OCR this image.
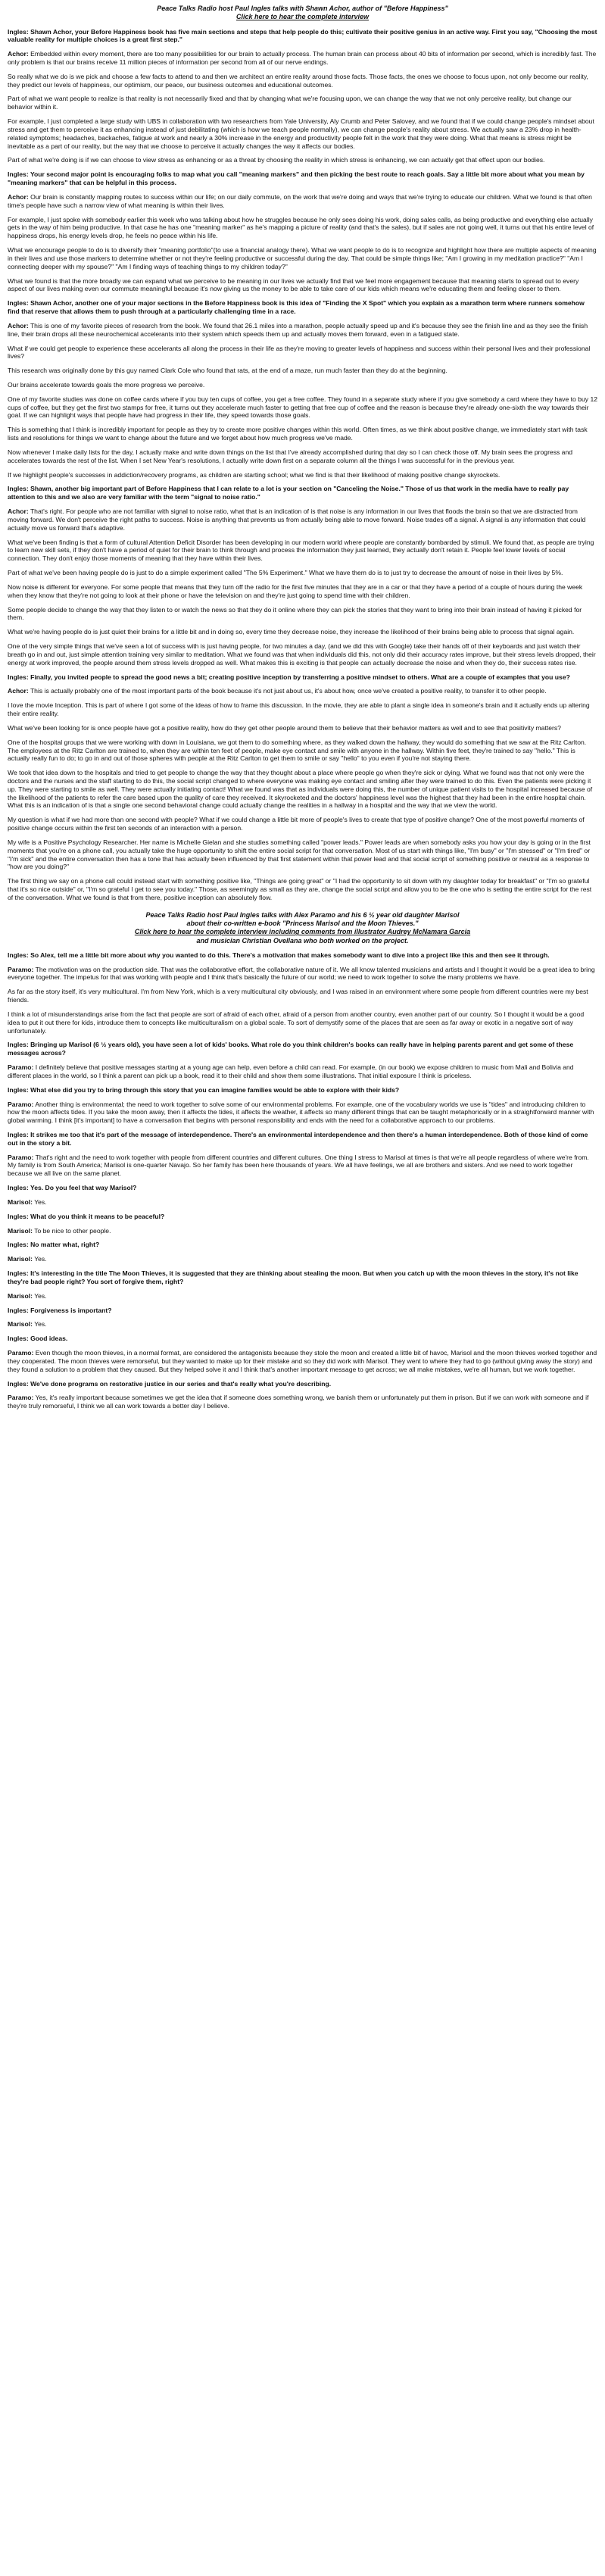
Peace Talks Radio host Paul Ingles talks with Shawn Achor, author of "Before Happiness"
Click here to hear the complete interview

Ingles: Shawn Achor, your Before Happiness book has five main sections and steps that help people do this; cultivate their positive genius in an active way. First you say, "Choosing the most valuable reality for multiple choices is a great first step."

Achor: Embedded within every moment, there are too many possibilities for our brain to actually process. The human brain can process about 40 bits of information per second, which is incredibly fast. The only problem is that our brains receive 11 million pieces of information per second from all of our nerve endings.

So really what we do is we pick and choose a few facts to attend to and then we architect an entire reality around those facts. Those facts, the ones we choose to focus upon, not only become our reality, they predict our levels of happiness, our optimism, our peace, our business outcomes and educational outcomes.

Part of what we want people to realize is that reality is not necessarily fixed and that by changing what we're focusing upon, we can change the way that we not only perceive reality, but change our behavior within it.

For example, I just completed a large study with UBS in collaboration with two researchers from Yale University, Aly Crumb and Peter Salovey, and we found that if we could change people's mindset about stress and get them to perceive it as enhancing instead of just debilitating (which is how we teach people normally), we can change people's reality about stress. We actually saw a 23% drop in health-related symptoms; headaches, backaches, fatigue at work and nearly a 30% increase in the energy and productivity people felt in the work that they were doing. What that means is stress might be inevitable as a part of our reality, but the way that we choose to perceive it actually changes the way it affects our bodies.

Part of what we're doing is if we can choose to view stress as enhancing or as a threat by choosing the reality in which stress is enhancing, we can actually get that effect upon our bodies.

Ingles: Your second major point is encouraging folks to map what you call "meaning markers" and then picking the best route to reach goals. Say a little bit more about what you mean by "meaning markers" that can be helpful in this process.

Achor: Our brain is constantly mapping routes to success within our life; on our daily commute, on the work that we're doing and ways that we're trying to educate our children. What we found is that often time's people have such a narrow view of what meaning is within their lives.

For example, I just spoke with somebody earlier this week who was talking about how he struggles because he only sees doing his work, doing sales calls, as being productive and everything else actually gets in the way of him being productive. In that case he has one "meaning marker" as he's mapping a picture of reality (and that's the sales), but if sales are not going well, it turns out that his entire level of happiness drops, his energy levels drop, he feels no peace within his life.

What we encourage people to do is to diversify their "meaning portfolio"(to use a financial analogy there). What we want people to do is to recognize and highlight how there are multiple aspects of meaning in their lives and use those markers to determine whether or not they're feeling productive or successful during the day. That could be simple things like; "Am I growing in my meditation practice?" "Am I connecting deeper with my spouse?" "Am I finding ways of teaching things to my children today?"

What we found is that the more broadly we can expand what we perceive to be meaning in our lives we actually find that we feel more engagement because that meaning starts to spread out to every aspect of our lives making even our commute meaningful because it's now giving us the money to be able to take care of our kids which means we're educating them and feeling closer to them.

Ingles: Shawn Achor, another one of your major sections in the Before Happiness book is this idea of "Finding the X Spot" which you explain as a marathon term where runners somehow find that reserve that allows them to push through at a particularly challenging time in a race.

Achor: This is one of my favorite pieces of research from the book. We found that 26.1 miles into a marathon, people actually speed up and it's because they see the finish line and as they see the finish line, their brain drops all these neurochemical accelerants into their system which speeds them up and actually moves them forward, even in a fatigued state.

What if we could get people to experience these accelerants all along the process in their life as they're moving to greater levels of happiness and success within their personal lives and their professional lives?

This research was originally done by this guy named Clark Cole who found that rats, at the end of a maze, run much faster than they do at the beginning.

Our brains accelerate towards goals the more progress we perceive.

One of my favorite studies was done on coffee cards where if you buy ten cups of coffee, you get a free coffee. They found in a separate study where if you give somebody a card where they have to buy 12 cups of coffee, but they get the first two stamps for free, it turns out they accelerate much faster to getting that free cup of coffee and the reason is because they're already one-sixth the way towards their goal. If we can highlight ways that people have had progress in their life, they speed towards those goals.

This is something that I think is incredibly important for people as they try to create more positive changes within this world. Often times, as we think about positive change, we immediately start with task lists and resolutions for things we want to change about the future and we forget about how much progress we've made.

Now whenever I make daily lists for the day, I actually make and write down things on the list that I've already accomplished during that day so I can check those off. My brain sees the progress and accelerates towards the rest of the list. When I set New Year's resolutions, I actually write down first on a separate column all the things I was successful for in the previous year.

If we highlight people's successes in addiction/recovery programs, as children are starting school; what we find is that their likelihood of making positive change skyrockets.

Ingles: Shawn, another big important part of Before Happiness that I can relate to a lot is your section on "Canceling the Noise." Those of us that work in the media have to really pay attention to this and we also are very familiar with the term "signal to noise ratio."

Achor: That's right. For people who are not familiar with signal to noise ratio, what that is an indication of is that noise is any information in our lives that floods the brain so that we are distracted from moving forward. We don't perceive the right paths to success. Noise is anything that prevents us from actually being able to move forward. Noise trades off a signal. A signal is any information that could actually move us forward that's adaptive.

What we've been finding is that a form of cultural Attention Deficit Disorder has been developing in our modern world where people are constantly bombarded by stimuli. We found that, as people are trying to learn new skill sets, if they don't have a period of quiet for their brain to think through and process the information they just learned, they actually don't retain it. People feel lower levels of social connection. They don't enjoy those moments of meaning that they have within their lives.

Part of what we've been having people do is just to do a simple experiment called "The 5% Experiment." What we have them do is to just try to decrease the amount of noise in their lives by 5%.

Now noise is different for everyone. For some people that means that they turn off the radio for the first five minutes that they are in a car or that they have a period of a couple of hours during the week when they know that they're not going to look at their phone or have the television on and they're just going to spend time with their children.

Some people decide to change the way that they listen to or watch the news so that they do it online where they can pick the stories that they want to bring into their brain instead of having it picked for them.

What we're having people do is just quiet their brains for a little bit and in doing so, every time they decrease noise, they increase the likelihood of their brains being able to process that signal again.

One of the very simple things that we've seen a lot of success with is just having people, for two minutes a day, (and we did this with Google) take their hands off of their keyboards and just watch their breath go in and out, just simple attention training very similar to meditation. What we found was that when individuals did this, not only did their accuracy rates improve, but their stress levels dropped, their energy at work improved, the people around them stress levels dropped as well. What makes this is exciting is that people can actually decrease the noise and when they do, their success rates rise.

Ingles: Finally, you invited people to spread the good news a bit; creating positive inception by transferring a positive mindset to others. What are a couple of examples that you use?

Achor: This is actually probably one of the most important parts of the book because it's not just about us, it's about how, once we've created a positive reality, to transfer it to other people.

I love the movie Inception. This is part of where I got some of the ideas of how to frame this discussion. In the movie, they are able to plant a single idea in someone's brain and it actually ends up altering their entire reality.

What we've been looking for is once people have got a positive reality, how do they get other people around them to believe that their behavior matters as well and to see that positivity matters?

One of the hospital groups that we were working with down in Louisiana, we got them to do something where, as they walked down the hallway, they would do something that we saw at the Ritz Carlton. The employees at the Ritz Carlton are trained to, when they are within ten feet of people, make eye contact and smile with anyone in the hallway. Within five feet, they're trained to say "hello." This is actually really fun to do; to go in and out of those spheres with people at the Ritz Carlton to get them to smile or say "hello" to you even if you're not staying there.

We took that idea down to the hospitals and tried to get people to change the way that they thought about a place where people go when they're sick or dying. What we found was that not only were the doctors and the nurses and the staff starting to do this, the social script changed to where everyone was making eye contact and smiling after they were trained to do this. Even the patients were picking it up. They were starting to smile as well. They were actually initiating contact! What we found was that as individuals were doing this, the number of unique patient visits to the hospital increased because of the likelihood of the patients to refer the care based upon the quality of care they received. It skyrocketed and the doctors' happiness level was the highest that they had been in the entire hospital chain. What this is an indication of is that a single one second behavioral change could actually change the realities in a hallway in a hospital and the way that we view the world.

My question is what if we had more than one second with people? What if we could change a little bit more of people's lives to create that type of positive change? One of the most powerful moments of positive change occurs within the first ten seconds of an interaction with a person.

My wife is a Positive Psychology Researcher. Her name is Michelle Gielan and she studies something called "power leads." Power leads are when somebody asks you how your day is going or in the first moments that you're on a phone call, you actually take the huge opportunity to shift the entire social script for that conversation. Most of us start with things like, "I'm busy" or "I'm stressed" or "I'm tired" or "I'm sick" and the entire conversation then has a tone that has actually been influenced by that first statement within that power lead and that social script of something positive or neutral as a response to "how are you doing?"

The first thing we say on a phone call could instead start with something positive like, "Things are going great" or "I had the opportunity to sit down with my daughter today for breakfast" or "I'm so grateful that it's so nice outside" or, "I'm so grateful I get to see you today." Those, as seemingly as small as they are, change the social script and allow you to be the one who is setting the entire script for the rest of the conversation. What we found is that from there, positive inception can absolutely flow.

Peace Talks Radio host Paul Ingles talks with Alex Paramo and his 6 ½ year old daughter Marisol
about their co-written e-book "Princess Marisol and the Moon Thieves."
Click here to hear the complete interview including comments from illustrator Audrey McNamara Garcia
and musician Christian Ovellana who both worked on the project.

Ingles: So Alex, tell me a little bit more about why you wanted to do this. There's a motivation that makes somebody want to dive into a project like this and then see it through.

Paramo: The motivation was on the production side. That was the collaborative effort, the collaborative nature of it. We all know talented musicians and artists and I thought it would be a great idea to bring everyone together. The impetus for that was working with people and I think that's basically the future of our world; we need to work together to solve the many problems we have.

As far as the story itself, it's very multicultural. I'm from New York, which is a very multicultural city obviously, and I was raised in an environment where some people from different countries were my best friends.

I think a lot of misunderstandings arise from the fact that people are sort of afraid of each other, afraid of a person from another country, even another part of our country. So I thought it would be a good idea to put it out there for kids, introduce them to concepts like multiculturalism on a global scale. To sort of demystify some of the places that are seen as far away or exotic in a negative sort of way unfortunately.

Ingles: Bringing up Marisol (6 ½ years old), you have seen a lot of kids' books. What role do you think children's books can really have in helping parents parent and get some of these messages across?

Paramo: I definitely believe that positive messages starting at a young age can help, even before a child can read. For example, (in our book) we expose children to music from Mali and Bolivia and different places in the world, so I think a parent can pick up a book, read it to their child and show them some illustrations. That initial exposure I think is priceless.

Ingles: What else did you try to bring through this story that you can imagine families would be able to explore with their kids?

Paramo: Another thing is environmental; the need to work together to solve some of our environmental problems. For example, one of the vocabulary worlds we use is "tides" and introducing children to how the moon affects tides. If you take the moon away, then it affects the tides, it affects the weather, it affects so many different things that can be taught metaphorically or in a straightforward manner with global warming. I think [it's important] to have a conversation that begins with personal responsibility and ends with the need for a collaborative approach to our problems.

Ingles: It strikes me too that it's part of the message of interdependence. There's an environmental interdependence and then there's a human interdependence. Both of those kind of come out in the story a bit.

Paramo: That's right and the need to work together with people from different countries and different cultures. One thing I stress to Marisol at times is that we're all people regardless of where we're from. My family is from South America; Marisol is one-quarter Navajo. So her family has been here thousands of years. We all have feelings, we all are brothers and sisters. And we need to work together because we all live on the same planet.

Ingles: Yes. Do you feel that way Marisol?

Marisol: Yes.

Ingles: What do you think it means to be peaceful?

Marisol: To be nice to other people.

Ingles: No matter what, right?

Marisol: Yes.

Ingles: It's interesting in the title The Moon Thieves, it is suggested that they are thinking about stealing the moon. But when you catch up with the moon thieves in the story, it's not like they're bad people right? You sort of forgive them, right?

Marisol: Yes.

Ingles: Forgiveness is important?

Marisol: Yes.

Ingles: Good ideas.

Paramo: Even though the moon thieves, in a normal format, are considered the antagonists because they stole the moon and created a little bit of havoc, Marisol and the moon thieves worked together and they cooperated. The moon thieves were remorseful, but they wanted to make up for their mistake and so they did work with Marisol. They went to where they had to go (without giving away the story) and they found a solution to a problem that they caused. But they helped solve it and I think that's another important message to get across; we all make mistakes, we're all human, but we work together.

Ingles: We've done programs on restorative justice in our series and that's really what you're describing.

Paramo: Yes, it's really important because sometimes we get the idea that if someone does something wrong, we banish them or unfortunately put them in prison. But if we can work with someone and if they're truly remorseful, I think we all can work towards a better day I believe.
